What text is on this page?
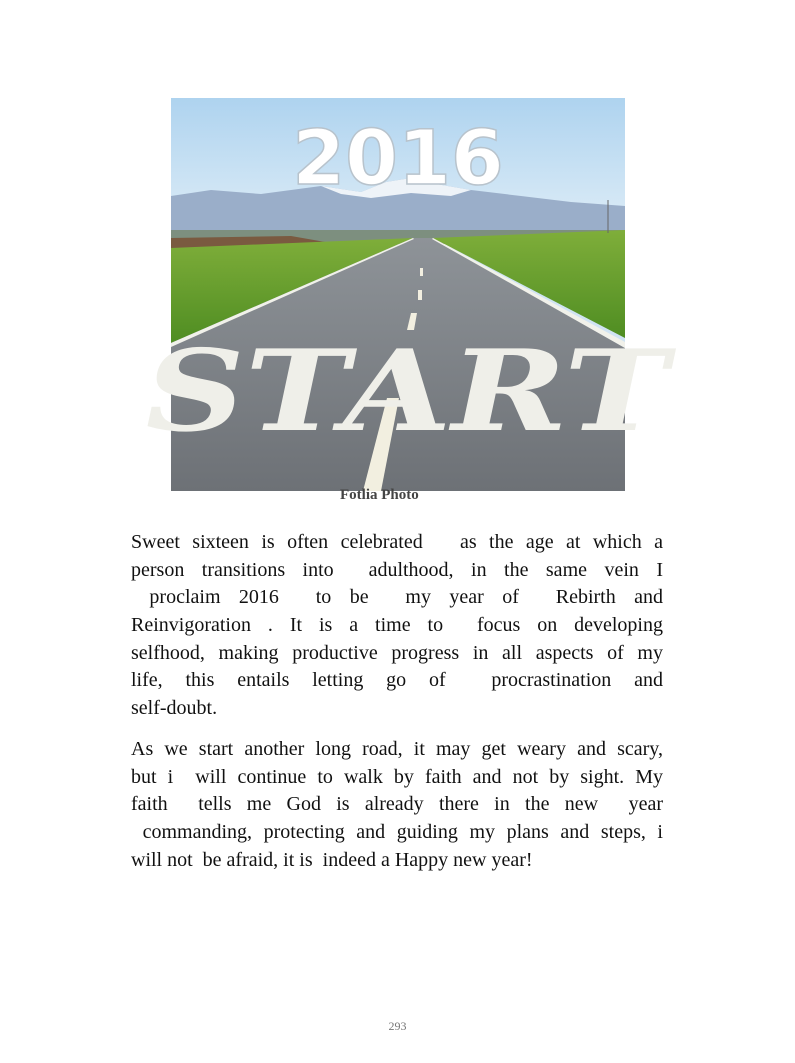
2016
START
Fotlia Photo
Sweet sixteen is often celebrated   as the age at which a
person transitions into  adulthood, in the same vein I
proclaim 2016  to be  my year of  Rebirth and
Reinvigoration . It is a time to  focus on developing
selfhood, making productive progress in all aspects of my
life, this entails letting go of  procrastination and
self-doubt.
As we start another long road, it may get weary and scary,
but i  will continue to walk by faith and not by sight. My
faith  tells me God is already there in the new  year
commanding, protecting and guiding my plans and steps, i
will not  be afraid, it is  indeed a Happy new year!
293
